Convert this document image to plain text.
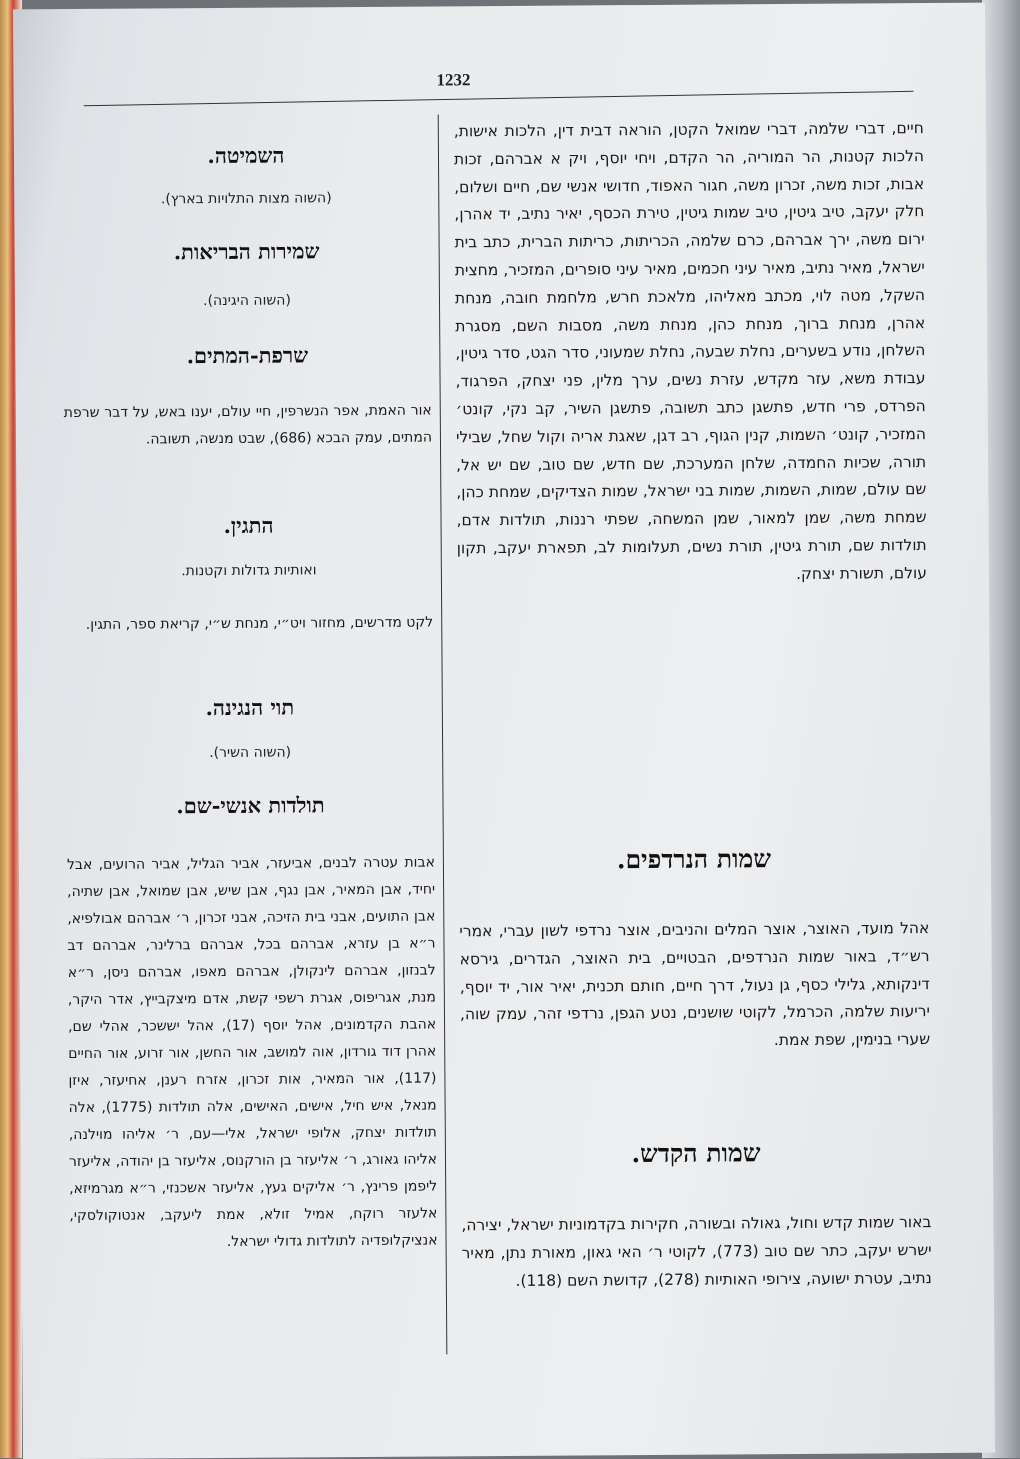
1232

חיים, דברי שלמה, דברי שמואל הקטן, הוראה דבית דין, הלכות אישות, הלכות קטנות, הר המוריה, הר הקדם, ויחי יוסף, ויק א אברהם, זכות אבות, זכות משה, זכרון משה, חגור האפוד, חדושי אנשי שם, חיים ושלום, חלק יעקב, טיב גיטין, טיב שמות גיטין, טירת הכסף, יאיר נתיב, יד אהרן, ירום משה, ירך אברהם, כרם שלמה, הכריתות, כריתות הברית, כתב בית ישראל, מאיר נתיב, מאיר עיני חכמים, מאיר עיני סופרים, המזכיר, מחצית השקל, מטה לוי, מכתב מאליהו, מלאכת חרש, מלחמת חובה, מנחת אהרן, מנחת ברוך, מנחת כהן, מנחת משה, מסבות השם, מסגרת השלחן, נודע בשערים, נחלת שבעה, נחלת שמעוני, סדר הגט, סדר גיטין, עבודת משא, עזר מקדש, עזרת נשים, ערך מלין, פני יצחק, הפרגוד, הפרדס, פרי חדש, פתשגן כתב תשובה, פתשגן השיר, קב נקי, קונט׳ המזכיר, קונט׳ השמות, קנין הגוף, רב דגן, שאגת אריה וקול שחל, שבילי תורה, שכיות החמדה, שלחן המערכת, שם חדש, שם טוב, שם יש אל, שם עולם, שמות, השמות, שמות בני ישראל, שמות הצדיקים, שמחת כהן, שמחת משה, שמן למאור, שמן המשחה, שפתי רננות, תולדות אדם, תולדות שם, תורת גיטין, תורת נשים, תעלומות לב, תפארת יעקב, תקון עולם, תשורת יצחק.

שמות הנרדפים.

אהל מועד, האוצר, אוצר המלים והניבים, אוצר נרדפי לשון עברי, אמרי רש״ד, באור שמות הנרדפים, הבטויים, בית האוצר, הגדרים, גירסא דינקותא, גלילי כסף, גן נעול, דרך חיים, חותם תכנית, יאיר אור, יד יוסף, יריעות שלמה, הכרמל, לקוטי שושנים, נטע הגפן, נרדפי זהר, עמק שוה, שערי בנימין, שפת אמת.

שמות הקדש.

באור שמות קדש וחול, גאולה ובשורה, חקירות בקדמוניות ישראל, יצירה, ישרש יעקב, כתר שם טוב (773), לקוטי ר׳ האי גאון, מאורת נתן, מאיר נתיב, עטרת ישועה, צירופי האותיות (278), קדושת השם (118).

השמיטה.

(השוה מצות התלויות בארץ).

שמירות הבריאות.

(השוה היגינה).

שרפת-המתים.

אור האמת, אפר הנשרפין, חיי עולם, יענו באש, על דבר שרפת המתים, עמק הבכא (686), שבט מנשה, תשובה.

התגין.

ואותיות גדולות וקטנות.

לקט מדרשים, מחזור ויט״י, מנחת ש״י, קריאת ספר, התגין.

תוי הנגינה.

(השוה השיר).

תולדות אנשי-שם.

אבות עטרה לבנים, אביעזר, אביר הגליל, אביר הרועים, אבל יחיד, אבן המאיר, אבן נגף, אבן שיש, אבן שמואל, אבן שתיה, אבן התועים, אבני בית הזיכה, אבני זכרון, ר׳ אברהם אבולפיא, ר״א בן עזרא, אברהם בכל, אברהם ברלינר, אברהם דב לבנזון, אברהם לינקולן, אברהם מאפו, אברהם ניסן, ר״א מנת, אגריפוס, אגרת רשפי קשת, אדם מיצקבייץ, אדר היקר, אהבת הקדמונים, אהל יוסף (17), אהל יששכר, אהלי שם, אהרן דוד גורדון, אוה למושב, אור החשן, אור זרוע, אור החיים (117), אור המאיר, אות זכרון, אזרח רענן, אחיעזר, איזן מנאל, איש חיל, אישים, האישים, אלה תולדות (1775), אלה תולדות יצחק, אלופי ישראל, אלי—עם, ר׳ אליהו מוילנה, אליהו גאורג, ר׳ אליעזר בן הורקנוס, אליעזר בן יהודה, אליעזר ליפמן פרינץ, ר׳ אליקים געץ, אליעזר אשכנזי, ר״א מגרמיזא, אלעזר רוקח, אמיל זולא, אמת ליעקב, אנטוקולסקי, אנציקלופדיה לתולדות גדולי ישראל.
